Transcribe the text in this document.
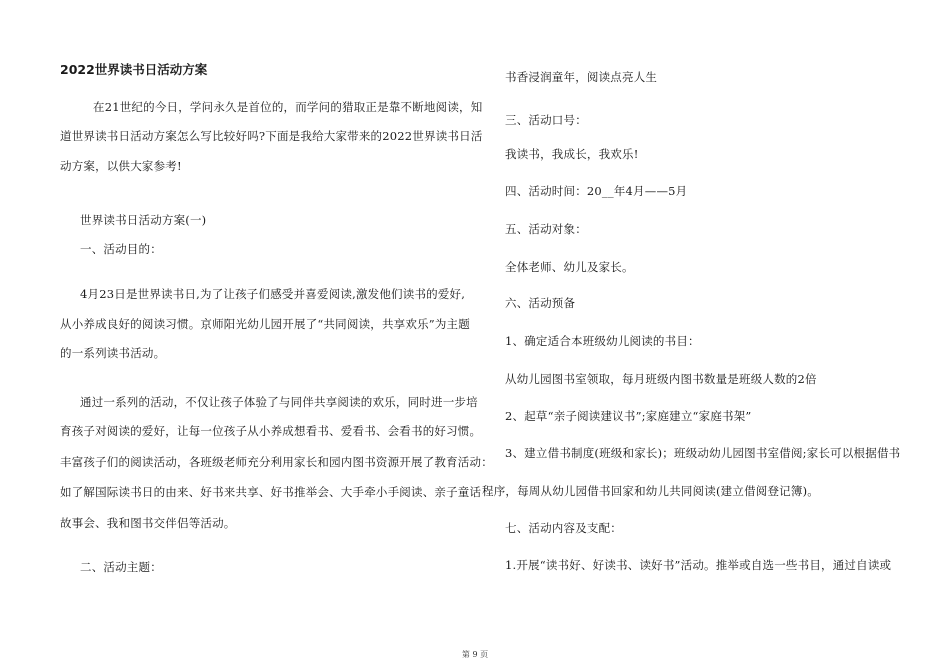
2022世界读书日活动方案
在21世纪的今日，学问永久是首位的，而学问的猎取正是靠不断地阅读，知
道世界读书日活动方案怎么写比较好吗?下面是我给大家带来的2022世界读书日活
动方案，以供大家参考!
世界读书日活动方案(一)
一、活动目的：
4月23日是世界读书日,为了让孩子们感受并喜爱阅读,激发他们读书的爱好,
从小养成良好的阅读习惯。京师阳光幼儿园开展了“共同阅读，共享欢乐”为主题
的一系列读书活动。
通过一系列的活动，不仅让孩子体验了与同伴共享阅读的欢乐，同时进一步培
育孩子对阅读的爱好，让每一位孩子从小养成想看书、爱看书、会看书的好习惯。
丰富孩子们的阅读活动，各班级老师充分利用家长和园内图书资源开展了教育活动：
如了解国际读书日的由来、好书来共享、好书推举会、大手牵小手阅读、亲子童话
故事会、我和图书交伴侣等活动。
二、活动主题：
书香浸润童年，阅读点亮人生
三、活动口号：
我读书，我成长，我欢乐!
四、活动时间：20__年4月——5月
五、活动对象：
全体老师、幼儿及家长。
六、活动预备
1、确定适合本班级幼儿阅读的书目：
从幼儿园图书室领取，每月班级内图书数量是班级人数的2倍
2、起草“亲子阅读建议书”;家庭建立“家庭书架”
3、建立借书制度(班级和家长)；班级动幼儿园图书室借阅;家长可以根据借书
程序，每周从幼儿园借书回家和幼儿共同阅读(建立借阅登记簿)。
七、活动内容及支配：
1.开展“读书好、好读书、读好书”活动。推举或自选一些书目，通过自读或
第 9 页
